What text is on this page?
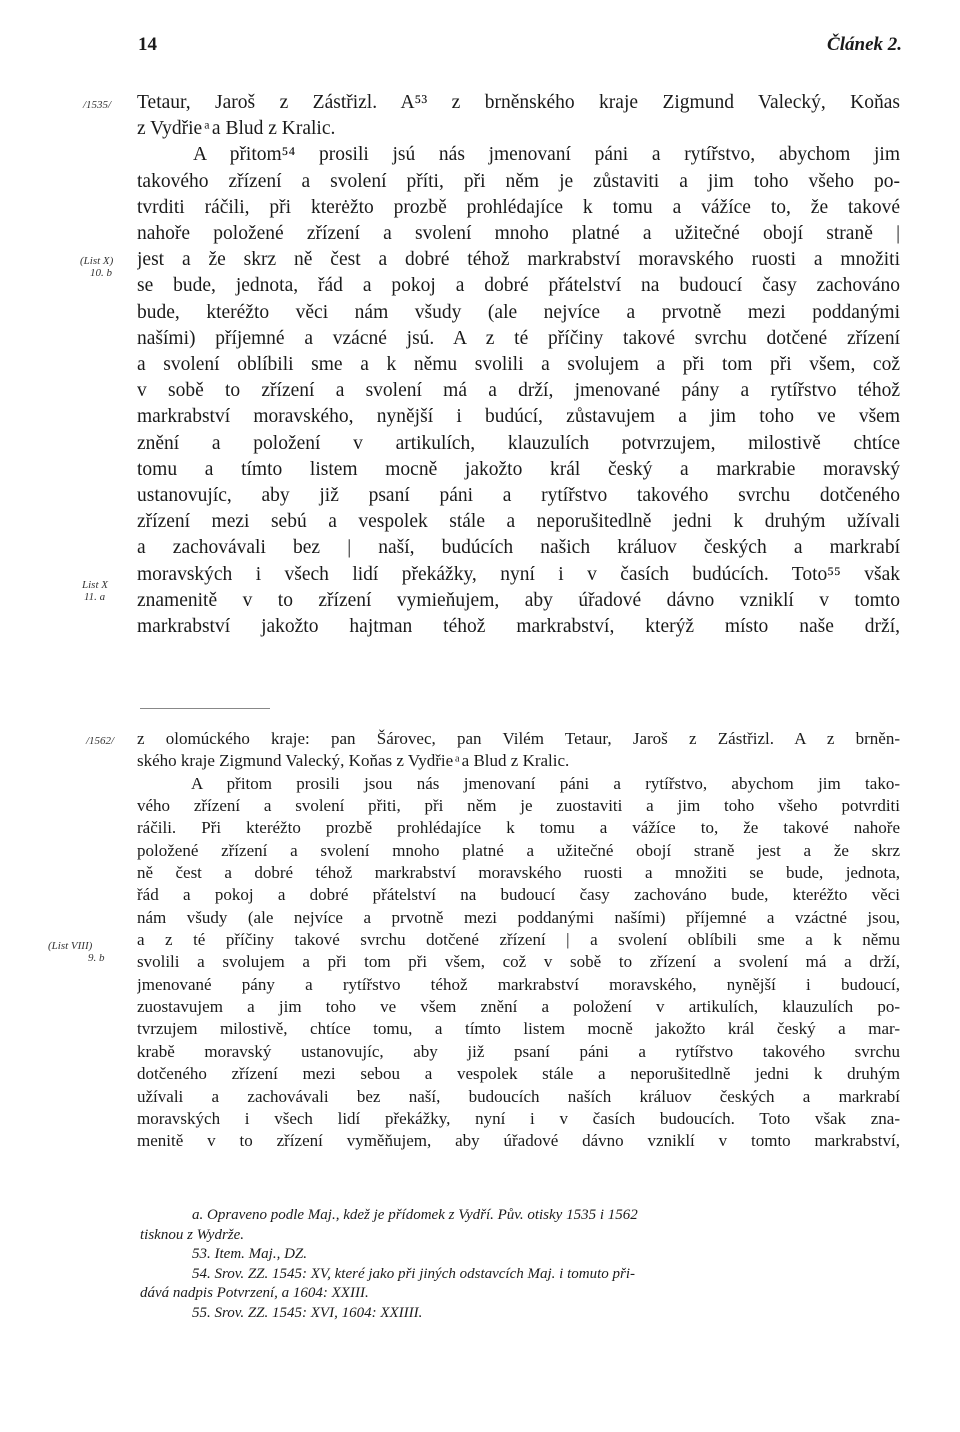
14	Článek 2.
/1535/
(List X)
10. b
List X
11. a
/1562/
(List VIII)
9. b
Tetaur, Jaroš z Zástřizl. A⁵³ z brněnského kraje Zigmund Valecký, Koňas
z Vydřie ͣ a Blud z Kralic.
A přitom⁵⁴ prosili jsú nás jmenovaní páni a rytířstvo, abychom jim
takového zřízení a svolení příti, při něm je zůstaviti a jim toho všeho po-
tvrditi ráčili, při kterėžto prozbě prohlédajíce k tomu a vážíce to, že takové
nahoře položené zřízení a svolení mnoho platné a užitečné obojí straně |
jest a že skrz ně čest a dobré téhož markrabství moravského ruosti a množiti
se bude, jednota, řád a pokoj a dobré přátelství na budoucí časy zachováno
bude, kteréžto věci nám všudy (ale nejvíce a prvotně mezi poddanými
našími) příjemné a vzácné jsú. A z té příčiny takové svrchu dotčené zřízení
a svolení oblíbili sme a k němu svolili a svolujem a při tom při všem, což
v sobě to zřízení a svolení má a drží, jmenované pány a rytířstvo téhož
markrabství moravského, nynější i budúcí, zůstavujem a jim toho ve všem
znění a položení v artikulích, klauzulích potvrzujem, milostivě chtíce
tomu a tímto listem mocně jakožto král český a markrabie moravský
ustanovujíc, aby již psaní páni a rytířstvo takového svrchu dotčeného
zřízení mezi sebú a vespolek stále a neporušitedlně jedni k druhým užívali
a zachovávali bez | naší, budúcích našich králuov českých a markrabí
moravských i všech lidí překážky, nyní i v časích budúcích. Toto⁵⁵ však
znamenitě v to zřízení vymieňujem, aby úřadové dávno vzniklí v tomto
markrabství jakožto hajtman téhož markrabství, kterýž místo naše drží,
z olomúckého kraje: pan Šárovec, pan Vilém Tetaur, Jaroš z Zástřizl. A z brněn-
ského kraje Zigmund Valecký, Koňas z Vydřie ͣ a Blud z Kralic.
A přitom prosili jsou nás jmenovaní páni a rytířstvo, abychom jim tako-
vého zřízení a svolení přiti, při něm je zuostaviti a jim toho všeho potvrditi
ráčili. Při kteréžto prozbě prohlédajíce k tomu a vážíce to, že takové nahoře
položené zřízení a svolení mnoho platné a užitečné obojí straně jest a že skrz
ně čest a dobré téhož markrabství moravského ruosti a množiti se bude, jednota,
řád a pokoj a dobré přátelství na budoucí časy zachováno bude, kteréžto věci
nám všudy (ale nejvíce a prvotně mezi poddanými našími) příjemné a vzáctné jsou,
a z té příčiny takové svrchu dotčené zřízení | a svolení oblíbili sme a k němu
svolili a svolujem a při tom při všem, což v sobě to zřízení a svolení má a drží,
jmenované pány a rytířstvo téhož markrabství moravského, nynější i budoucí,
zuostavujem a jim toho ve všem znění a položení v artikulích, klauzulích po-
tvrzujem milostivě, chtíce tomu, a tímto listem mocně jakožto král český a mar-
krabě moravský ustanovujíc, aby již psaní páni a rytířstvo takového svrchu
dotčeného zřízení mezi sebou a vespolek stále a neporušitedlně jedni k druhým
užívali a zachovávali bez naší, budoucích naších králuov českých a markrabí
moravských i všech lidí překážky, nyní i v časích budoucích. Toto však zna-
menitě v to zřízení vyměňujem, aby úřadové dávno vzniklí v tomto markrabství,
a. Opraveno podle Maj., kdež je přídomek z Vydří. Pův. otisky 1535 i 1562
tisknou z Wydrže.
53. Item. Maj., DZ.
54. Srov. ZZ. 1545: XV, které jako při jiných odstavcích Maj. i tomuto při-
dává nadpis Potvrzení, a 1604: XXIII.
55. Srov. ZZ. 1545: XVI, 1604: XXIIII.
